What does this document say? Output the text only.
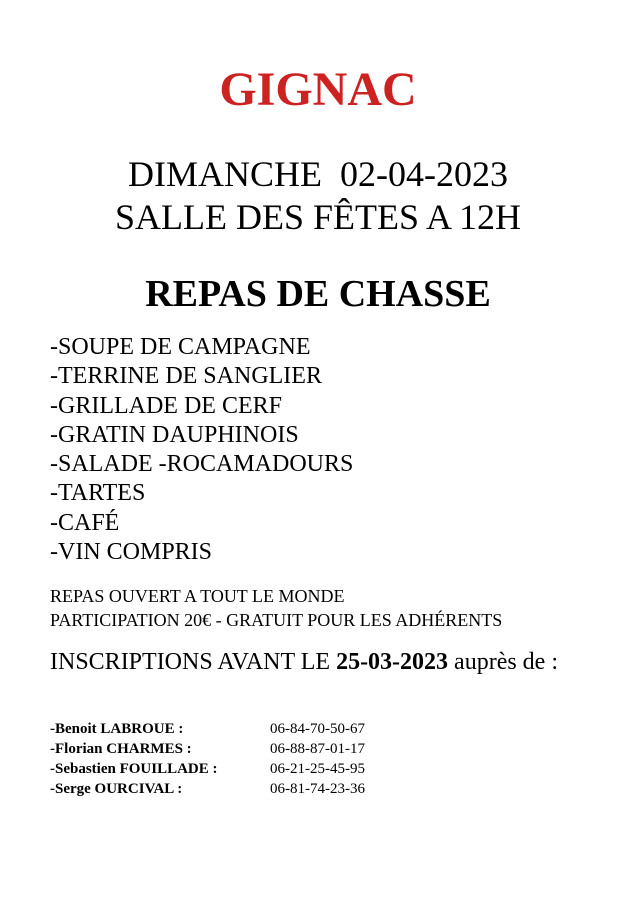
GIGNAC
DIMANCHE  02-04-2023
SALLE DES FÊTES A 12H
REPAS DE CHASSE
-SOUPE DE CAMPAGNE
-TERRINE DE SANGLIER
-GRILLADE DE CERF
-GRATIN DAUPHINOIS
-SALADE -ROCAMADOURS
-TARTES
-CAFÉ
-VIN COMPRIS
REPAS OUVERT A TOUT LE MONDE
PARTICIPATION 20€ - GRATUIT POUR LES ADHÉRENTS
INSCRIPTIONS AVANT LE 25-03-2023 auprès de :
-Benoit LABROUE :	06-84-70-50-67
-Florian CHARMES :	06-88-87-01-17
-Sebastien FOUILLADE :	06-21-25-45-95
-Serge OURCIVAL :	06-81-74-23-36
